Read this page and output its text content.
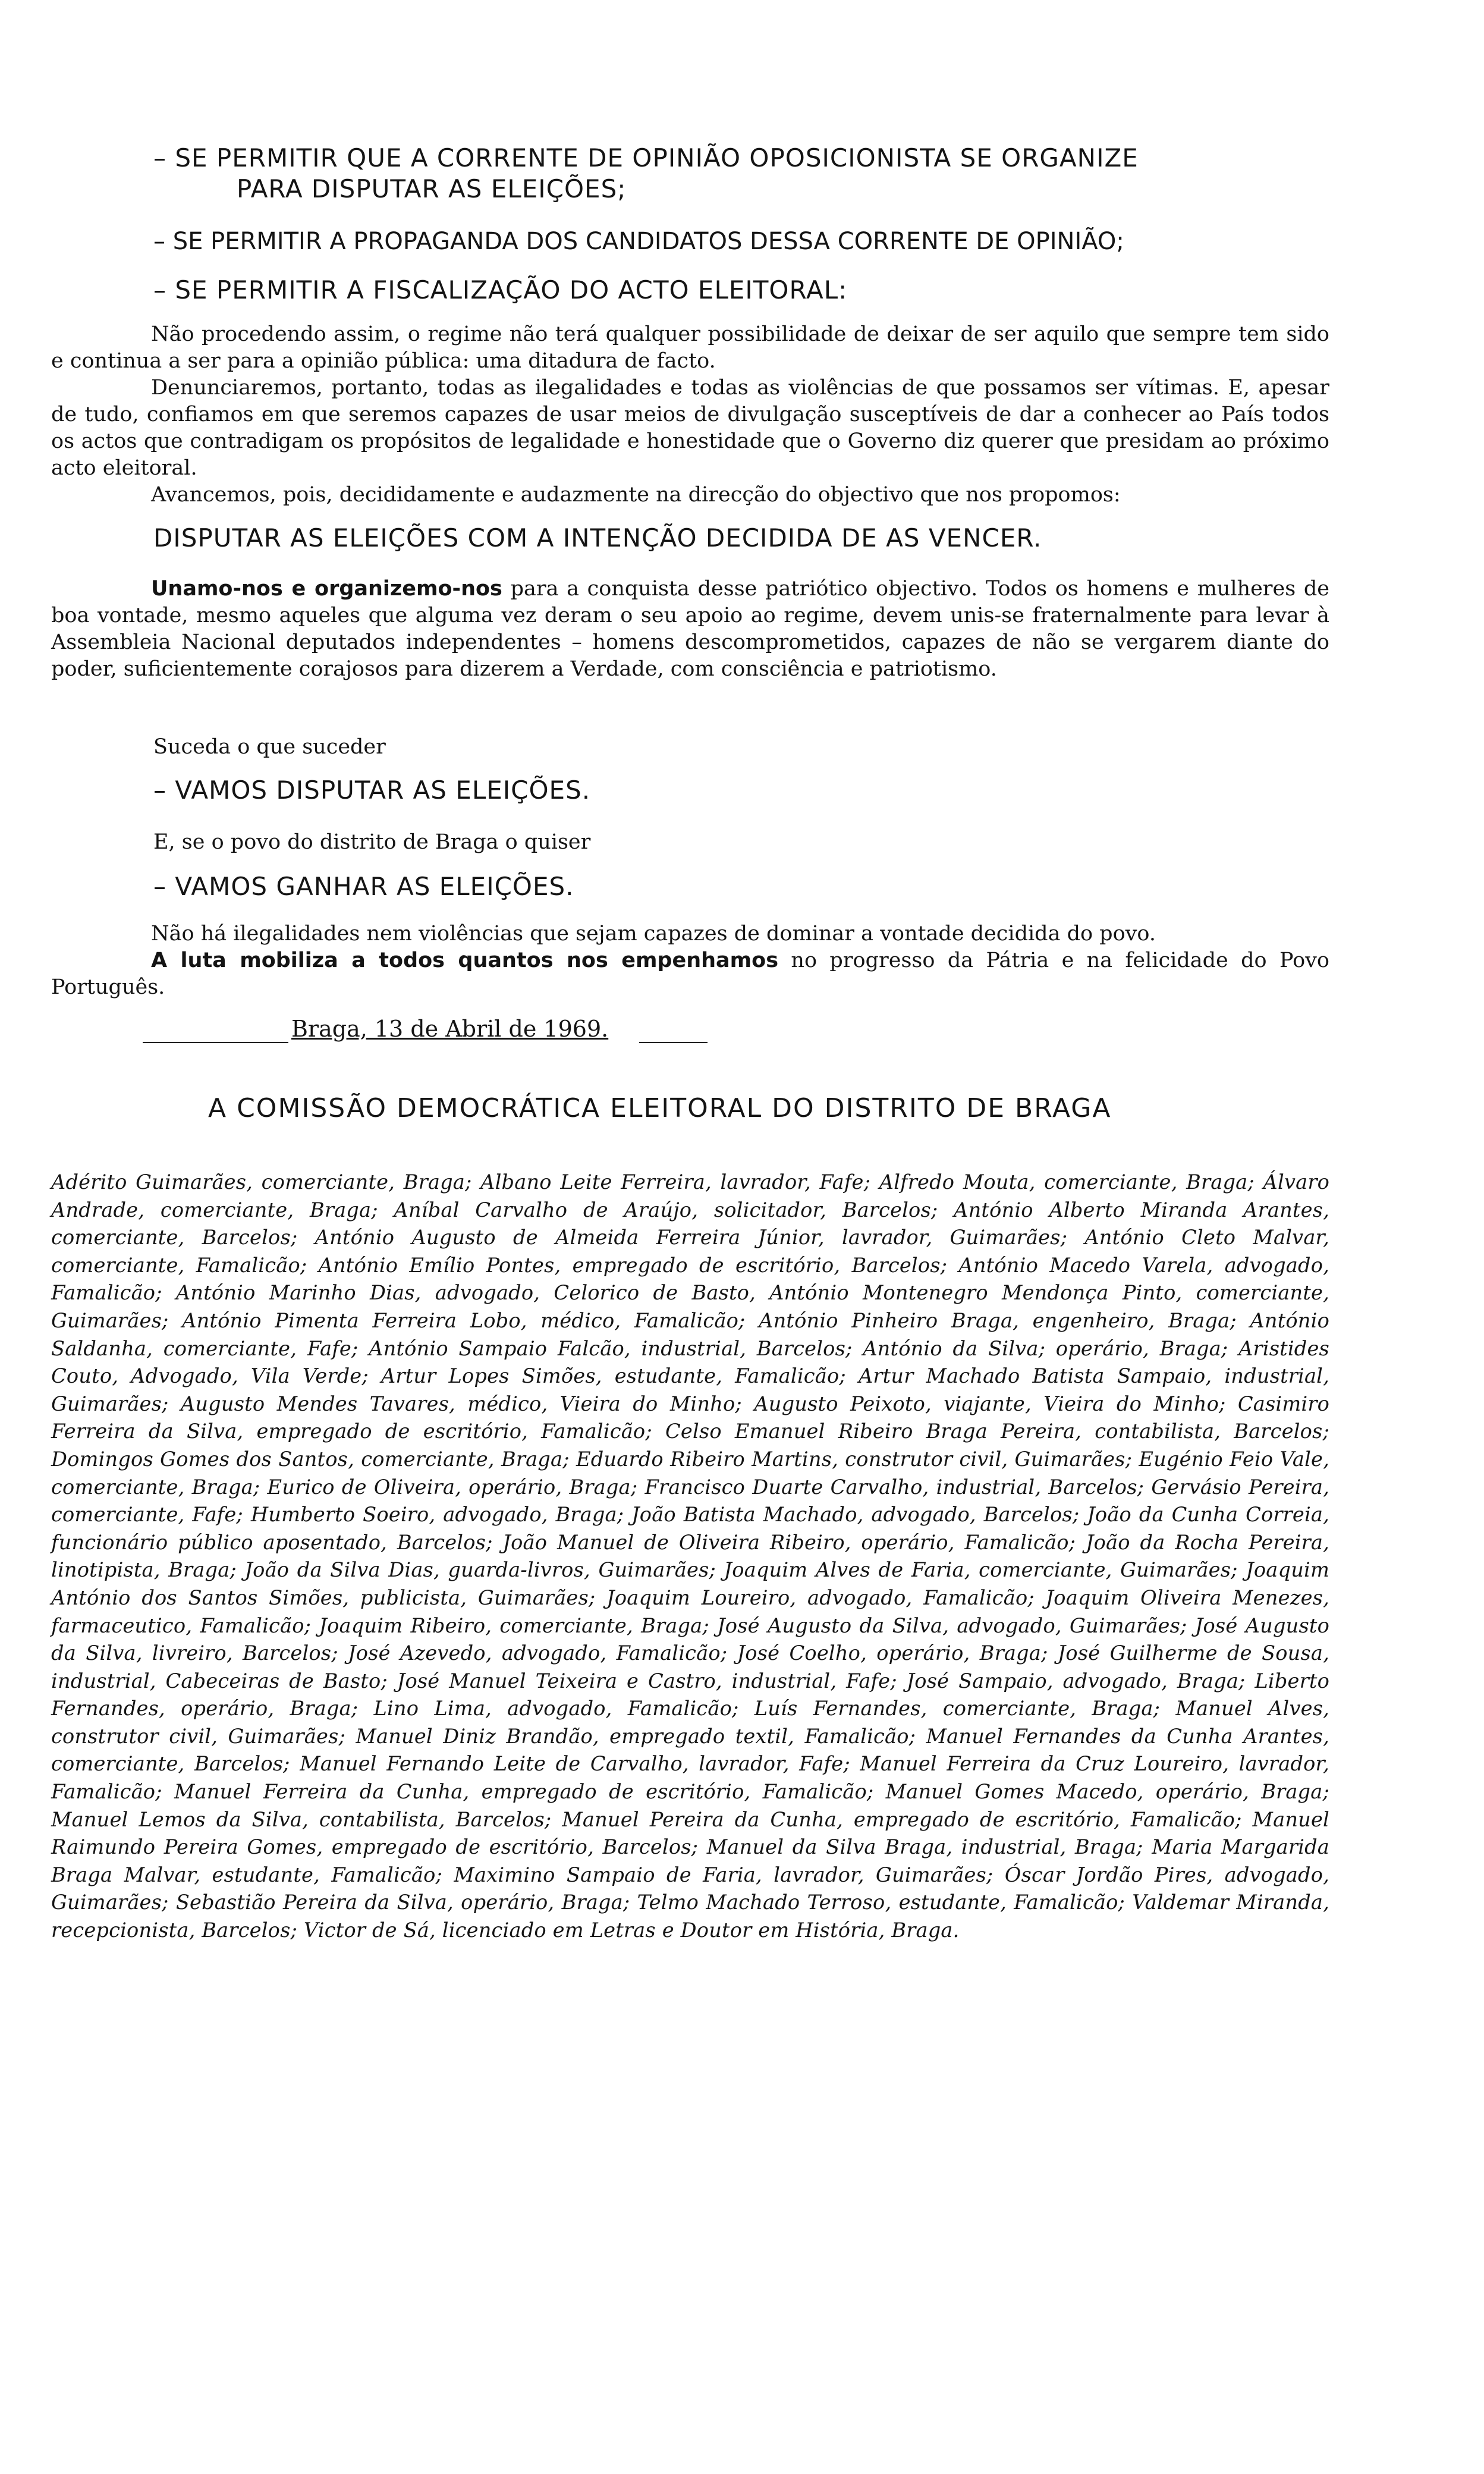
– SE PERMITIR QUE A CORRENTE DE OPINIÃO OPOSICIONISTA SE ORGANIZE
PARA DISPUTAR AS ELEIÇÕES;
– SE PERMITIR A PROPAGANDA DOS CANDIDATOS DESSA CORRENTE DE OPINIÃO;
– SE PERMITIR A FISCALIZAÇÃO DO ACTO ELEITORAL:
Não procedendo assim, o regime não terá qualquer possibilidade de deixar de ser aquilo que sempre tem sido e continua a ser para a opinião pública: uma ditadura de facto.
Denunciaremos, portanto, todas as ilegalidades e todas as violências de que possamos ser vítimas. E, apesar de tudo, confiamos em que seremos capazes de usar meios de divulgação susceptíveis de dar a conhecer ao País todos os actos que contradigam os propósitos de legalidade e honestidade que o Governo diz querer que presidam ao próximo acto eleitoral.
Avancemos, pois, decididamente e audazmente na direcção do objectivo que nos propomos:
DISPUTAR AS ELEIÇÕES COM A INTENÇÃO DECIDIDA DE AS VENCER.
Unamo-nos e organizemo-nos para a conquista desse patriótico objectivo. Todos os homens e mulheres de boa vontade, mesmo aqueles que alguma vez deram o seu apoio ao regime, devem unis-se fraternalmente para levar à Assembleia Nacional deputados independentes – homens descomprometidos, capazes de não se vergarem diante do poder, suficientemente corajosos para dizerem a Verdade, com consciência e patriotismo.
Suceda o que suceder
– VAMOS DISPUTAR AS ELEIÇÕES.
E, se o povo do distrito de Braga o quiser
– VAMOS GANHAR AS ELEIÇÕES.
Não há ilegalidades nem violências que sejam capazes de dominar a vontade decidida do povo.
A luta mobiliza a todos quantos nos empenhamos no progresso da Pátria e na felicidade do Povo Português.
Braga, 13 de Abril de 1969.
A COMISSÃO DEMOCRÁTICA ELEITORAL DO DISTRITO DE BRAGA
Adérito Guimarães, comerciante, Braga; Albano Leite Ferreira, lavrador, Fafe; Alfredo Mouta, comerciante, Braga; Álvaro Andrade, comerciante, Braga; Aníbal Carvalho de Araújo, solicitador, Barcelos; António Alberto Miranda Arantes, comerciante, Barcelos; António Augusto de Almeida Ferreira Júnior, lavrador, Guimarães; António Cleto Malvar, comerciante, Famalicão; António Emílio Pontes, empregado de escritório, Barcelos; António Macedo Varela, advogado, Famalicão; António Marinho Dias, advogado, Celorico de Basto, António Montenegro Mendonça Pinto, comerciante, Guimarães; António Pimenta Ferreira Lobo, médico, Famalicão; António Pinheiro Braga, engenheiro, Braga; António Saldanha, comerciante, Fafe; António Sampaio Falcão, industrial, Barcelos; António da Silva; operário, Braga; Aristides Couto, Advogado, Vila Verde; Artur Lopes Simões, estudante, Famalicão; Artur Machado Batista Sampaio, industrial, Guimarães; Augusto Mendes Tavares, médico, Vieira do Minho; Augusto Peixoto, viajante, Vieira do Minho; Casimiro Ferreira da Silva, empregado de escritório, Famalicão; Celso Emanuel Ribeiro Braga Pereira, contabilista, Barcelos; Domingos Gomes dos Santos, comerciante, Braga; Eduardo Ribeiro Martins, construtor civil, Guimarães; Eugénio Feio Vale, comerciante, Braga; Eurico de Oliveira, operário, Braga; Francisco Duarte Carvalho, industrial, Barcelos; Gervásio Pereira, comerciante, Fafe; Humberto Soeiro, advogado, Braga; João Batista Machado, advogado, Barcelos; João da Cunha Correia, funcionário público aposentado, Barcelos; João Manuel de Oliveira Ribeiro, operário, Famalicão; João da Rocha Pereira, linotipista, Braga; João da Silva Dias, guarda-livros, Guimarães; Joaquim Alves de Faria, comerciante, Guimarães; Joaquim António dos Santos Simões, publicista, Guimarães; Joaquim Loureiro, advogado, Famalicão; Joaquim Oliveira Menezes, farmaceutico, Famalicão; Joaquim Ribeiro, comerciante, Braga; José Augusto da Silva, advogado, Guimarães; José Augusto da Silva, livreiro, Barcelos; José Azevedo, advogado, Famalicão; José Coelho, operário, Braga; José Guilherme de Sousa, industrial, Cabeceiras de Basto; José Manuel Teixeira e Castro, industrial, Fafe; José Sampaio, advogado, Braga; Liberto Fernandes, operário, Braga; Lino Lima, advogado, Famalicão; Luís Fernandes, comerciante, Braga; Manuel Alves, construtor civil, Guimarães; Manuel Diniz Brandão, empregado textil, Famalicão; Manuel Fernandes da Cunha Arantes, comerciante, Barcelos; Manuel Fernando Leite de Carvalho, lavrador, Fafe; Manuel Ferreira da Cruz Loureiro, lavrador, Famalicão; Manuel Ferreira da Cunha, empregado de escritório, Famalicão; Manuel Gomes Macedo, operário, Braga; Manuel Lemos da Silva, contabilista, Barcelos; Manuel Pereira da Cunha, empregado de escritório, Famalicão; Manuel Raimundo Pereira Gomes, empregado de escritório, Barcelos; Manuel da Silva Braga, industrial, Braga; Maria Margarida Braga Malvar, estudante, Famalicão; Maximino Sampaio de Faria, lavrador, Guimarães; Óscar Jordão Pires, advogado, Guimarães; Sebastião Pereira da Silva, operário, Braga; Telmo Machado Terroso, estudante, Famalicão; Valdemar Miranda, recepcionista, Barcelos; Victor de Sá, licenciado em Letras e Doutor em História, Braga.
